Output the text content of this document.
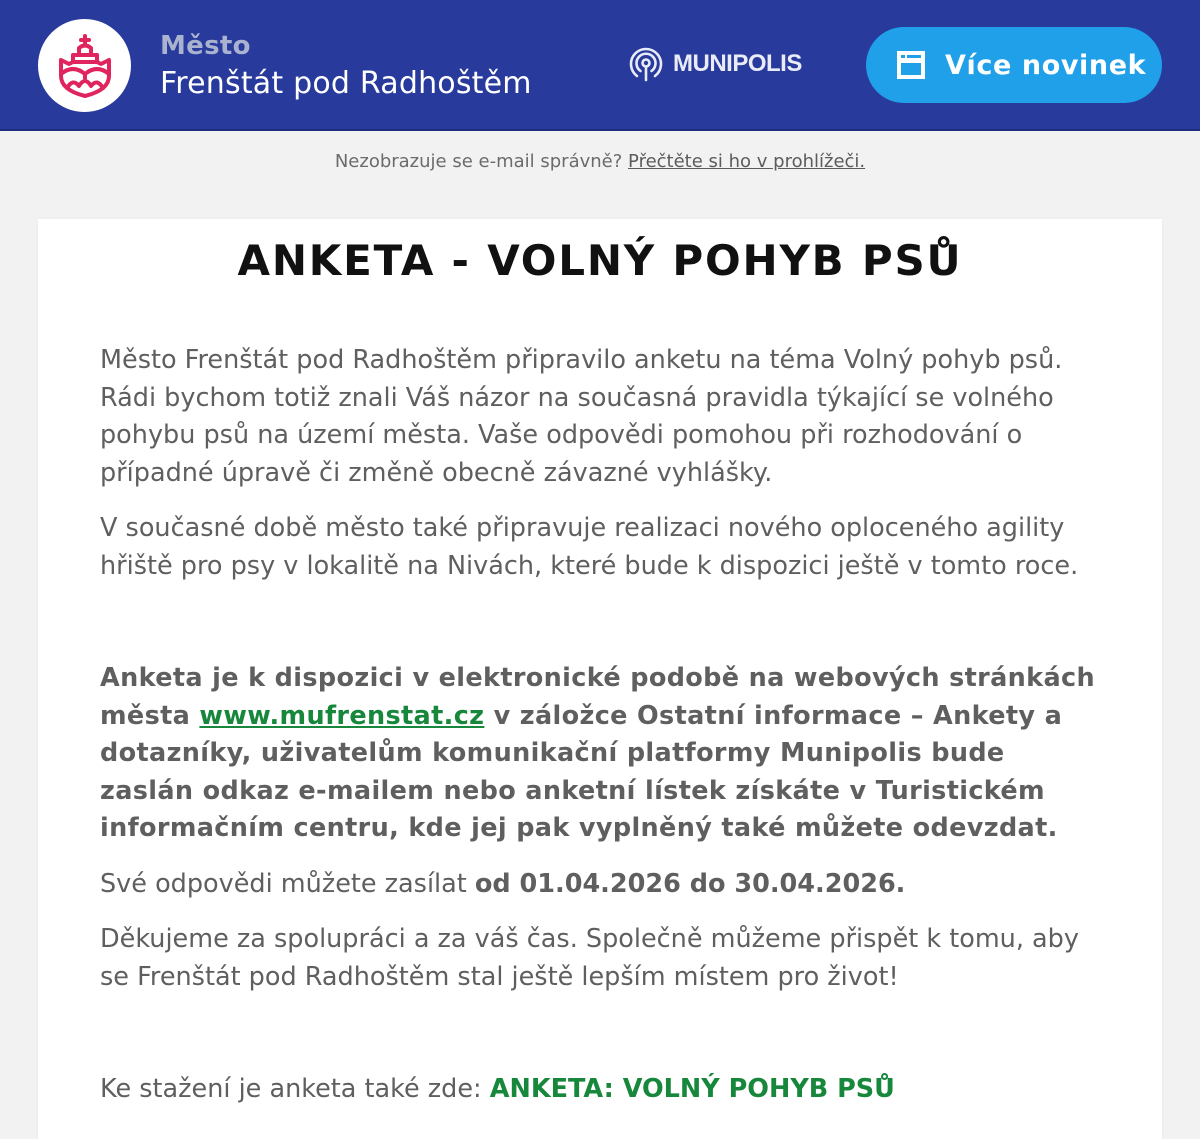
Město
Frenštát pod Radhoštěm
MUNIPOLIS	Více novinek
Nezobrazuje se e-mail správně? Přečtěte si ho v prohlížeči.
ANKETA - VOLNÝ POHYB PSŮ

Město Frenštát pod Radhoštěm připravilo anketu na téma Volný pohyb psů. Rádi bychom totiž znali Váš názor na současná pravidla týkající se volného pohybu psů na území města. Vaše odpovědi pomohou při rozhodování o případné úpravě či změně obecně závazné vyhlášky.

V současné době město také připravuje realizaci nového oploceného agility hřiště pro psy v lokalitě na Nivách, které bude k dispozici ještě v tomto roce.

Anketa je k dispozici v elektronické podobě na webových stránkách města www.mufrenstat.cz v záložce Ostatní informace – Ankety a dotazníky, uživatelům komunikační platformy Munipolis bude zaslán odkaz e-mailem nebo anketní lístek získáte v Turistickém informačním centru, kde jej pak vyplněný také můžete odevzdat.

Své odpovědi můžete zasílat od 01.04.2026 do 30.04.2026.

Děkujeme za spolupráci a za váš čas. Společně můžeme přispět k tomu, aby se Frenštát pod Radhoštěm stal ještě lepším místem pro život!

Ke stažení je anketa také zde: ANKETA: VOLNÝ POHYB PSŮ
